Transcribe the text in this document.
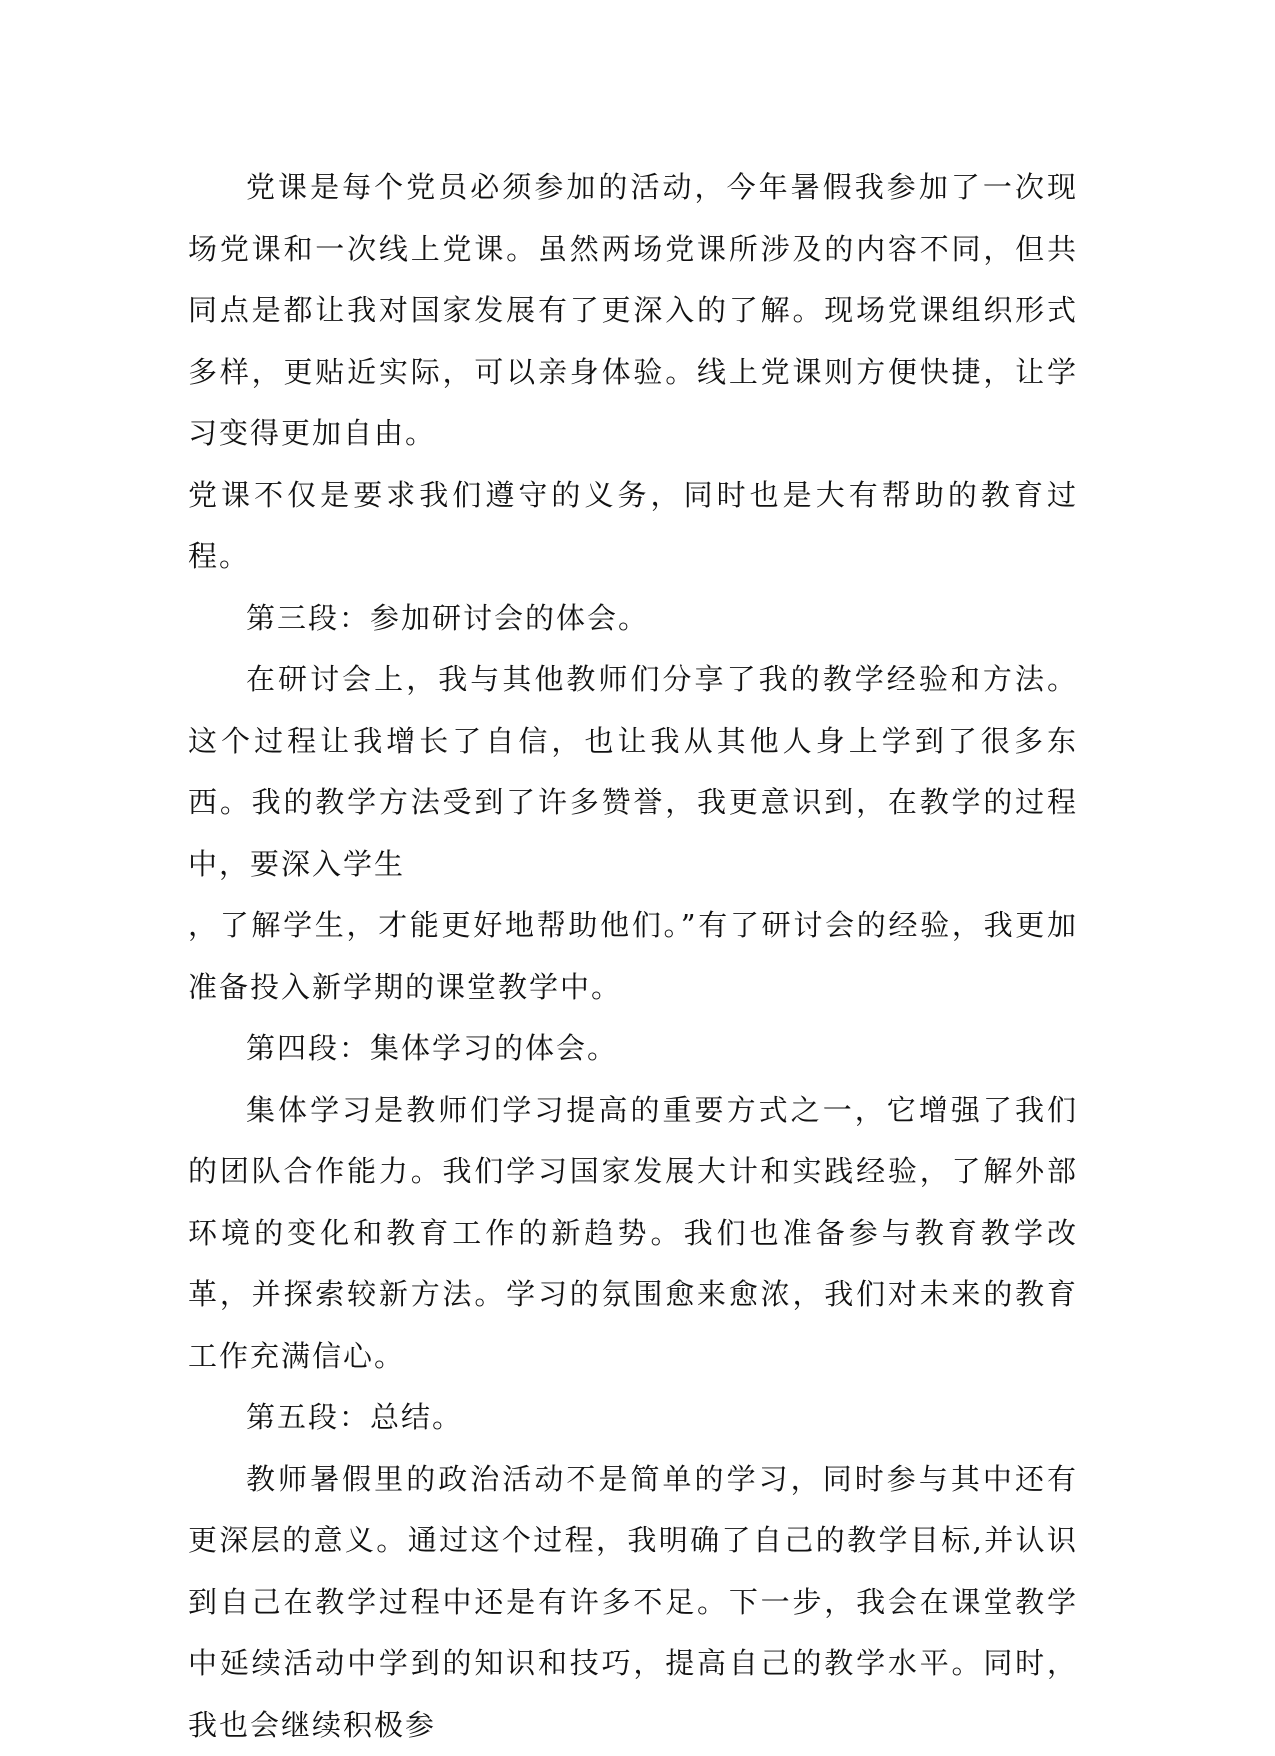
党课是每个党员必须参加的活动，今年暑假我参加了一次现场党课和一次线上党课。虽然两场党课所涉及的内容不同，但共同点是都让我对国家发展有了更深入的了解。现场党课组织形式多样，更贴近实际，可以亲身体验。线上党课则方便快捷，让学习变得更加自由。

党课不仅是要求我们遵守的义务，同时也是大有帮助的教育过程。

第三段：参加研讨会的体会。

在研讨会上，我与其他教师们分享了我的教学经验和方法。这个过程让我增长了自信，也让我从其他人身上学到了很多东西。我的教学方法受到了许多赞誉，我更意识到，在教学的过程中，要深入学生

，了解学生，才能更好地帮助他们。”有了研讨会的经验，我更加准备投入新学期的课堂教学中。

第四段：集体学习的体会。

集体学习是教师们学习提高的重要方式之一，它增强了我们的团队合作能力。我们学习国家发展大计和实践经验，了解外部环境的变化和教育工作的新趋势。我们也准备参与教育教学改革，并探索较新方法。学习的氛围愈来愈浓，我们对未来的教育工作充满信心。

第五段：总结。

教师暑假里的政治活动不是简单的学习，同时参与其中还有更深层的意义。通过这个过程，我明确了自己的教学目标,并认识到自己在教学过程中还是有许多不足。下一步，我会在课堂教学中延续活动中学到的知识和技巧，提高自己的教学水平。同时，我也会继续积极参
